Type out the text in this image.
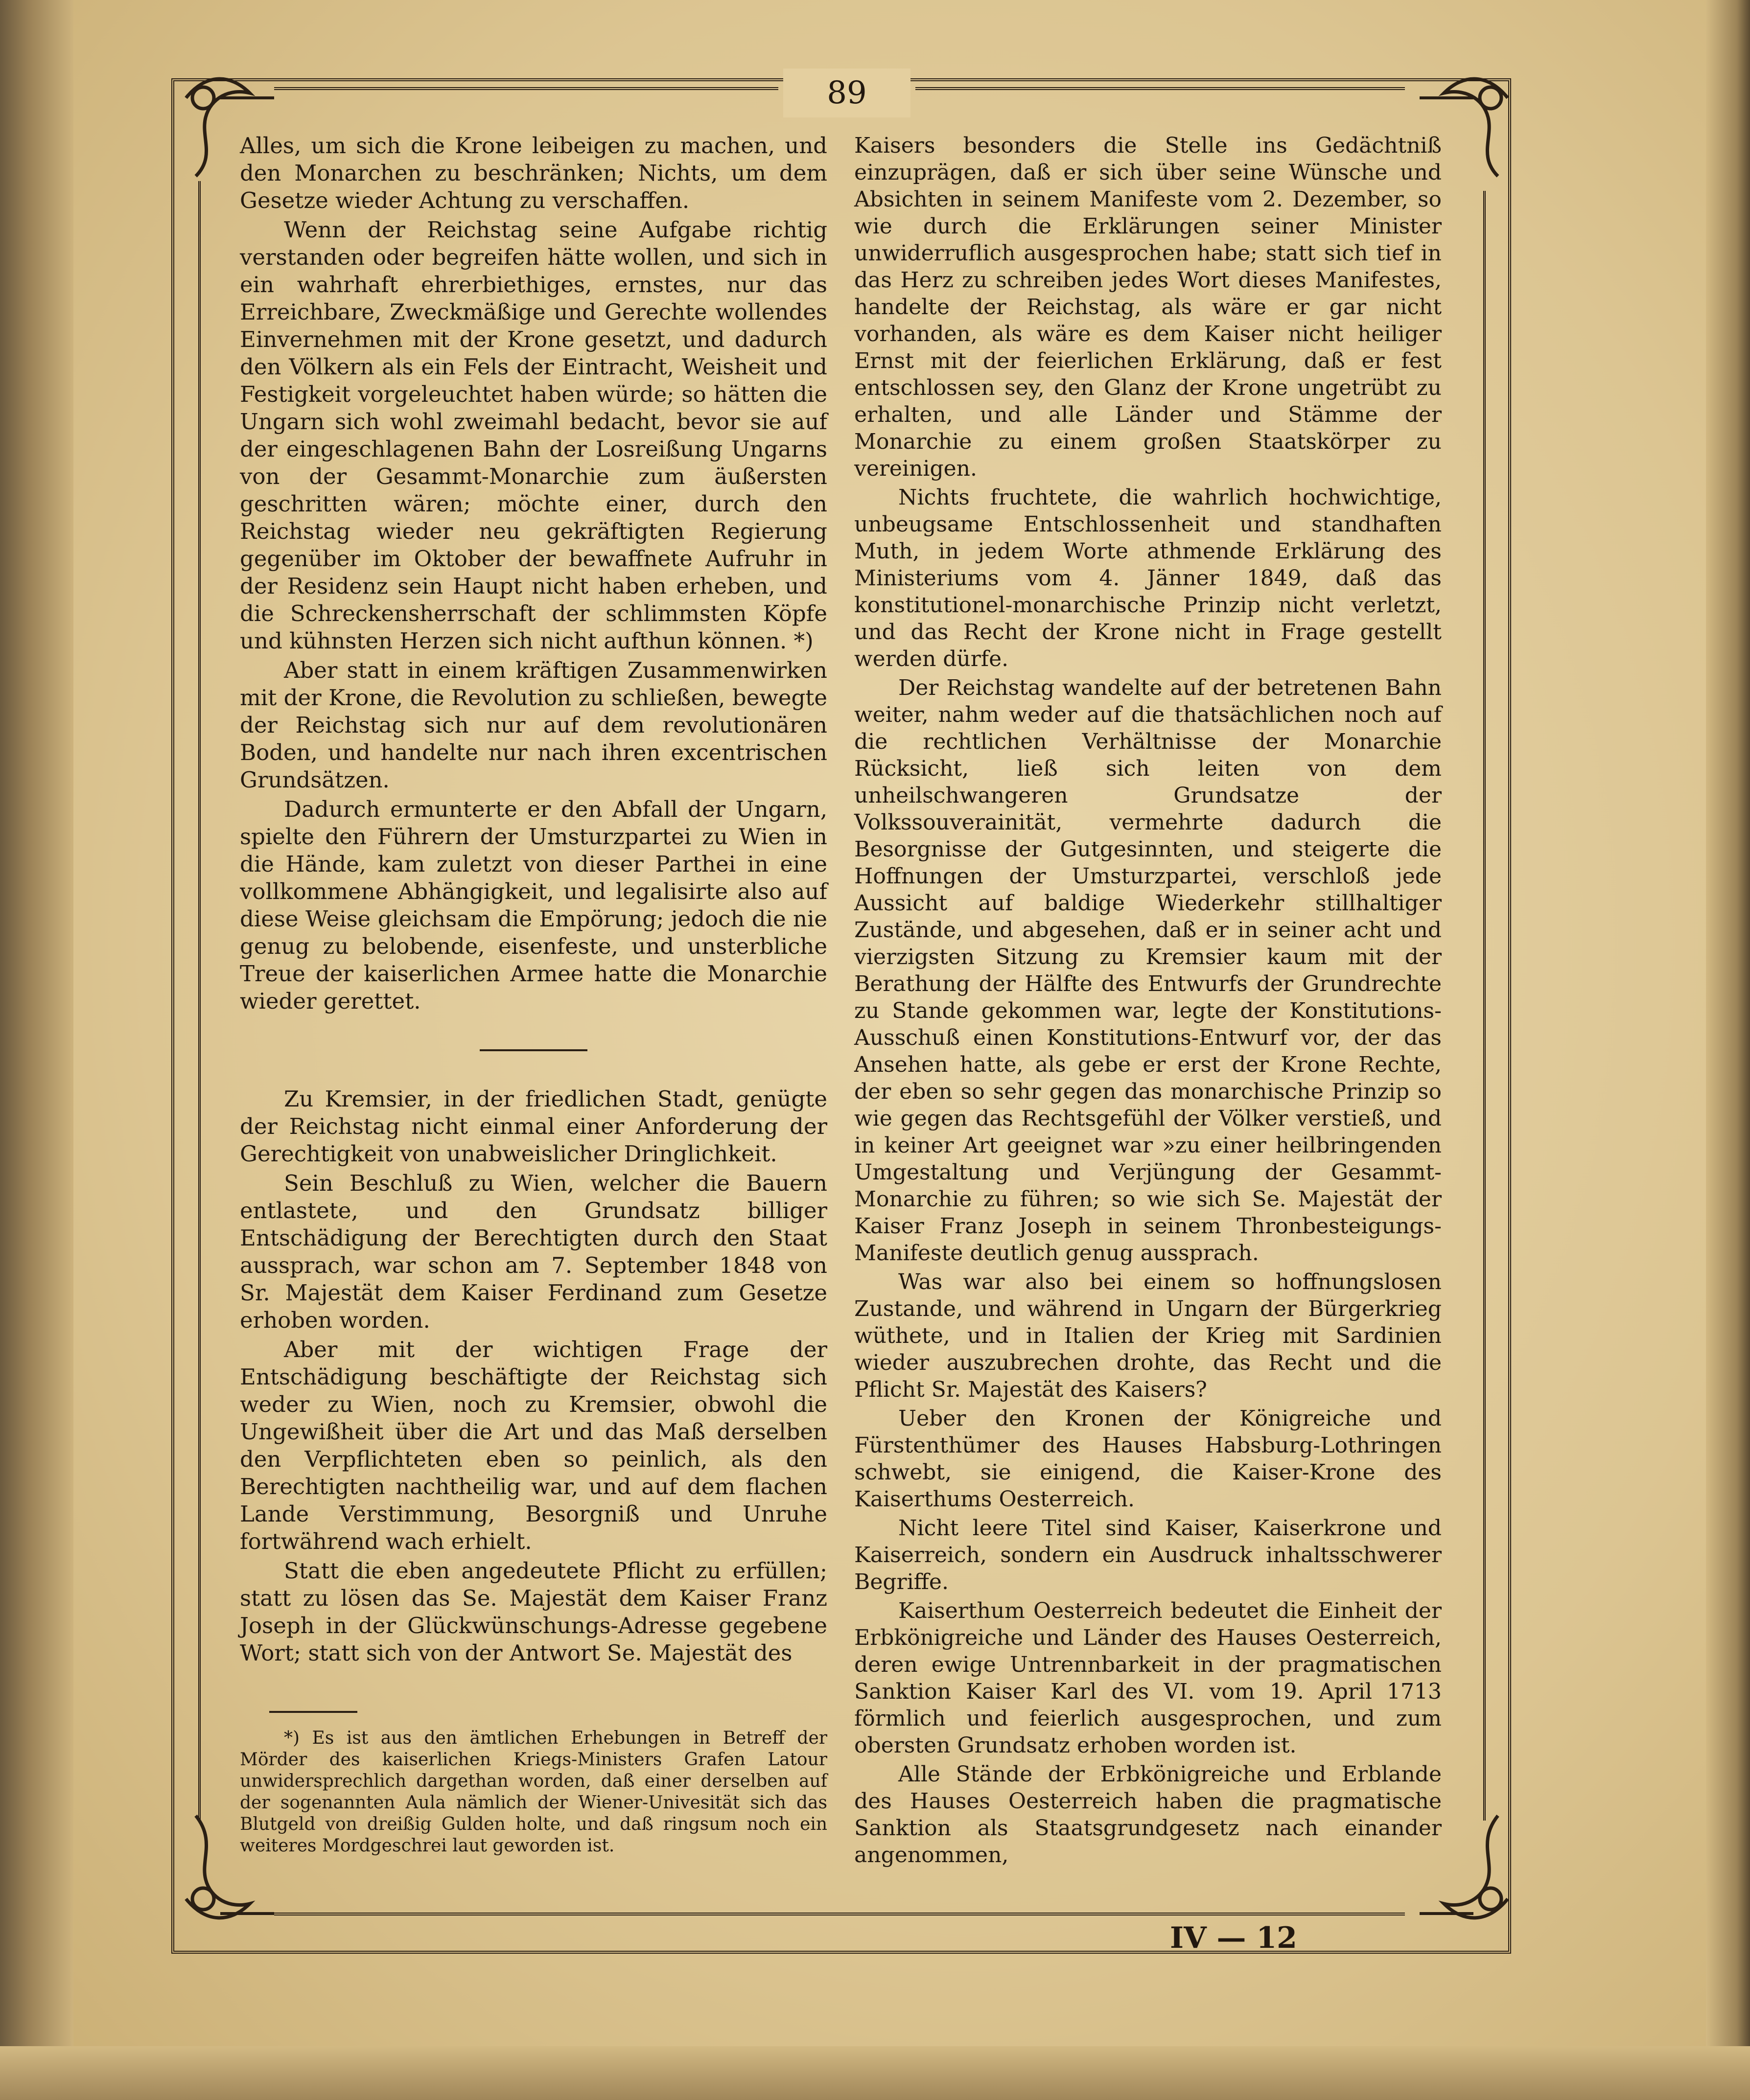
89

Alles, um sich die Krone leibeigen zu machen, und den Monarchen zu beschränken; Nichts, um dem Gesetze wieder Achtung zu verschaffen.

Wenn der Reichstag seine Aufgabe richtig verstanden oder begreifen hätte wollen, und sich in ein wahrhaft ehrerbiethiges, ernstes, nur das Erreichbare, Zweckmäßige und Gerechte wollendes Einvernehmen mit der Krone gesetzt, und dadurch den Völkern als ein Fels der Eintracht, Weisheit und Festigkeit vorgeleuchtet haben würde; so hätten die Ungarn sich wohl zweimahl bedacht, bevor sie auf der eingeschlagenen Bahn der Losreißung Ungarns von der Gesammt-Monarchie zum äußersten geschritten wären; möchte einer, durch den Reichstag wieder neu gekräftigten Regierung gegenüber im Oktober der bewaffnete Aufruhr in der Residenz sein Haupt nicht haben erheben, und die Schreckensherrschaft der schlimmsten Köpfe und kühnsten Herzen sich nicht aufthun können. *)

Aber statt in einem kräftigen Zusammenwirken mit der Krone, die Revolution zu schließen, bewegte der Reichstag sich nur auf dem revolutionären Boden, und handelte nur nach ihren excentrischen Grundsätzen.

Dadurch ermunterte er den Abfall der Ungarn, spielte den Führern der Umsturzpartei zu Wien in die Hände, kam zuletzt von dieser Parthei in eine vollkommene Abhängigkeit, und legalisirte also auf diese Weise gleichsam die Empörung; jedoch die nie genug zu belobende, eisenfeste, und unsterbliche Treue der kaiserlichen Armee hatte die Monarchie wieder gerettet.

Zu Kremsier, in der friedlichen Stadt, genügte der Reichstag nicht einmal einer Anforderung der Gerechtigkeit von unabweislicher Dringlichkeit.

Sein Beschluß zu Wien, welcher die Bauern entlastete, und den Grundsatz billiger Entschädigung der Berechtigten durch den Staat aussprach, war schon am 7. September 1848 von Sr. Majestät dem Kaiser Ferdinand zum Gesetze erhoben worden.

Aber mit der wichtigen Frage der Entschädigung beschäftigte der Reichstag sich weder zu Wien, noch zu Kremsier, obwohl die Ungewißheit über die Art und das Maß derselben den Verpflichteten eben so peinlich, als den Berechtigten nachtheilig war, und auf dem flachen Lande Verstimmung, Besorgniß und Unruhe fortwährend wach erhielt.

Statt die eben angedeutete Pflicht zu erfüllen; statt zu lösen das Se. Majestät dem Kaiser Franz Joseph in der Glückwünschungs-Adresse gegebene Wort; statt sich von der Antwort Se. Majestät des

*) Es ist aus den ämtlichen Erhebungen in Betreff der Mörder des kaiserlichen Kriegs-Ministers Grafen Latour unwidersprechlich dargethan worden, daß einer derselben auf der sogenannten Aula nämlich der Wiener-Univesität sich das Blutgeld von dreißig Gulden holte, und daß ringsum noch ein weiteres Mordgeschrei laut geworden ist.

Kaisers besonders die Stelle ins Gedächtniß einzuprägen, daß er sich über seine Wünsche und Absichten in seinem Manifeste vom 2. Dezember, so wie durch die Erklärungen seiner Minister unwiderruflich ausgesprochen habe; statt sich tief in das Herz zu schreiben jedes Wort dieses Manifestes, handelte der Reichstag, als wäre er gar nicht vorhanden, als wäre es dem Kaiser nicht heiliger Ernst mit der feierlichen Erklärung, daß er fest entschlossen sey, den Glanz der Krone ungetrübt zu erhalten, und alle Länder und Stämme der Monarchie zu einem großen Staatskörper zu vereinigen.

Nichts fruchtete, die wahrlich hochwichtige, unbeugsame Entschlossenheit und standhaften Muth, in jedem Worte athmende Erklärung des Ministeriums vom 4. Jänner 1849, daß das konstitutionel-monarchische Prinzip nicht verletzt, und das Recht der Krone nicht in Frage gestellt werden dürfe.

Der Reichstag wandelte auf der betretenen Bahn weiter, nahm weder auf die thatsächlichen noch auf die rechtlichen Verhältnisse der Monarchie Rücksicht, ließ sich leiten von dem unheilschwangeren Grundsatze der Volkssouverainität, vermehrte dadurch die Besorgnisse der Gutgesinnten, und steigerte die Hoffnungen der Umsturzpartei, verschloß jede Aussicht auf baldige Wiederkehr stillhaltiger Zustände, und abgesehen, daß er in seiner acht und vierzigsten Sitzung zu Kremsier kaum mit der Berathung der Hälfte des Entwurfs der Grundrechte zu Stande gekommen war, legte der Konstitutions-Ausschuß einen Konstitutions-Entwurf vor, der das Ansehen hatte, als gebe er erst der Krone Rechte, der eben so sehr gegen das monarchische Prinzip so wie gegen das Rechtsgefühl der Völker verstieß, und in keiner Art geeignet war »zu einer heilbringenden Umgestaltung und Verjüngung der Gesammt-Monarchie zu führen; so wie sich Se. Majestät der Kaiser Franz Joseph in seinem Thronbesteigungs-Manifeste deutlich genug aussprach.

Was war also bei einem so hoffnungslosen Zustande, und während in Ungarn der Bürgerkrieg wüthete, und in Italien der Krieg mit Sardinien wieder auszubrechen drohte, das Recht und die Pflicht Sr. Majestät des Kaisers?

Ueber den Kronen der Königreiche und Fürstenthümer des Hauses Habsburg-Lothringen schwebt, sie einigend, die Kaiser-Krone des Kaiserthums Oesterreich.

Nicht leere Titel sind Kaiser, Kaiserkrone und Kaiserreich, sondern ein Ausdruck inhaltsschwerer Begriffe.

Kaiserthum Oesterreich bedeutet die Einheit der Erbkönigreiche und Länder des Hauses Oesterreich, deren ewige Untrennbarkeit in der pragmatischen Sanktion Kaiser Karl des VI. vom 19. April 1713 förmlich und feierlich ausgesprochen, und zum obersten Grundsatz erhoben worden ist.

Alle Stände der Erbkönigreiche und Erblande des Hauses Oesterreich haben die pragmatische Sanktion als Staatsgrundgesetz nach einander angenommen,

IV — 12
